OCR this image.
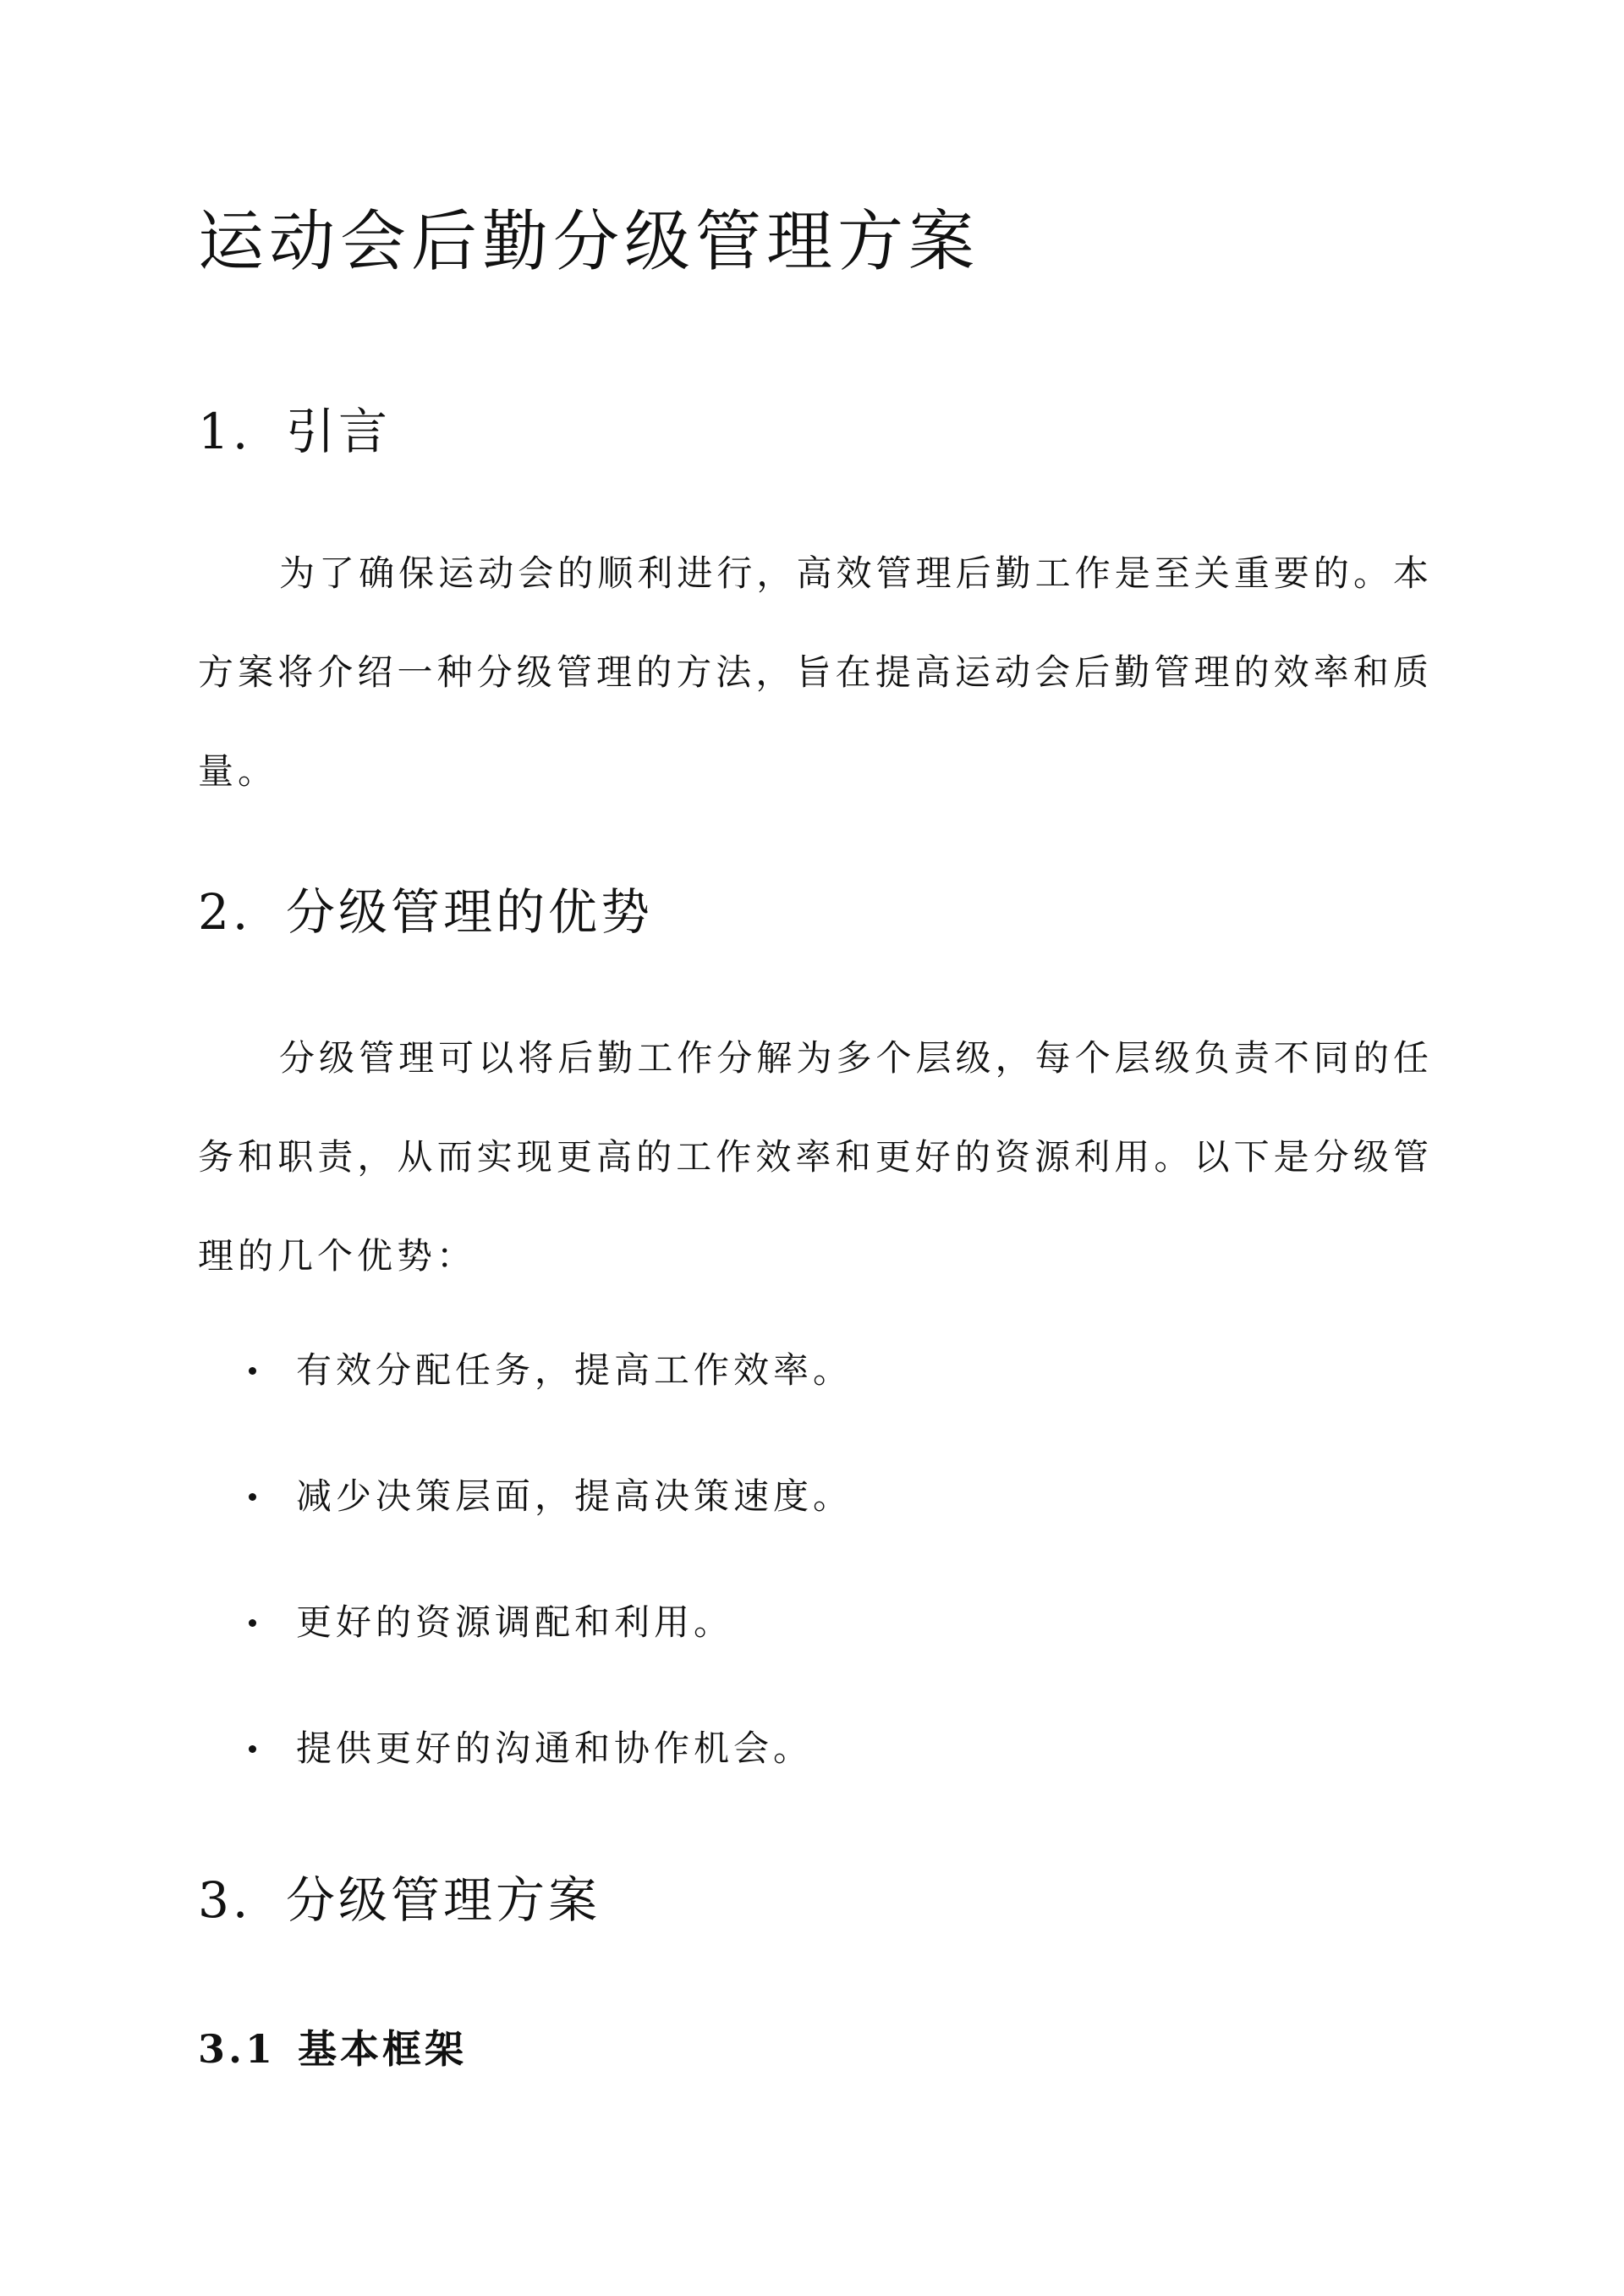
运动会后勤分级管理方案
1. 引言

为了确保运动会的顺利进行，高效管理后勤工作是至关重要的。本方案将介绍一种分级管理的方法，旨在提高运动会后勤管理的效率和质量。

2. 分级管理的优势

分级管理可以将后勤工作分解为多个层级，每个层级负责不同的任务和职责，从而实现更高的工作效率和更好的资源利用。以下是分级管理的几个优势：

有效分配任务，提高工作效率。
减少决策层面，提高决策速度。
更好的资源调配和利用。
提供更好的沟通和协作机会。
3. 分级管理方案
3.1 基本框架
